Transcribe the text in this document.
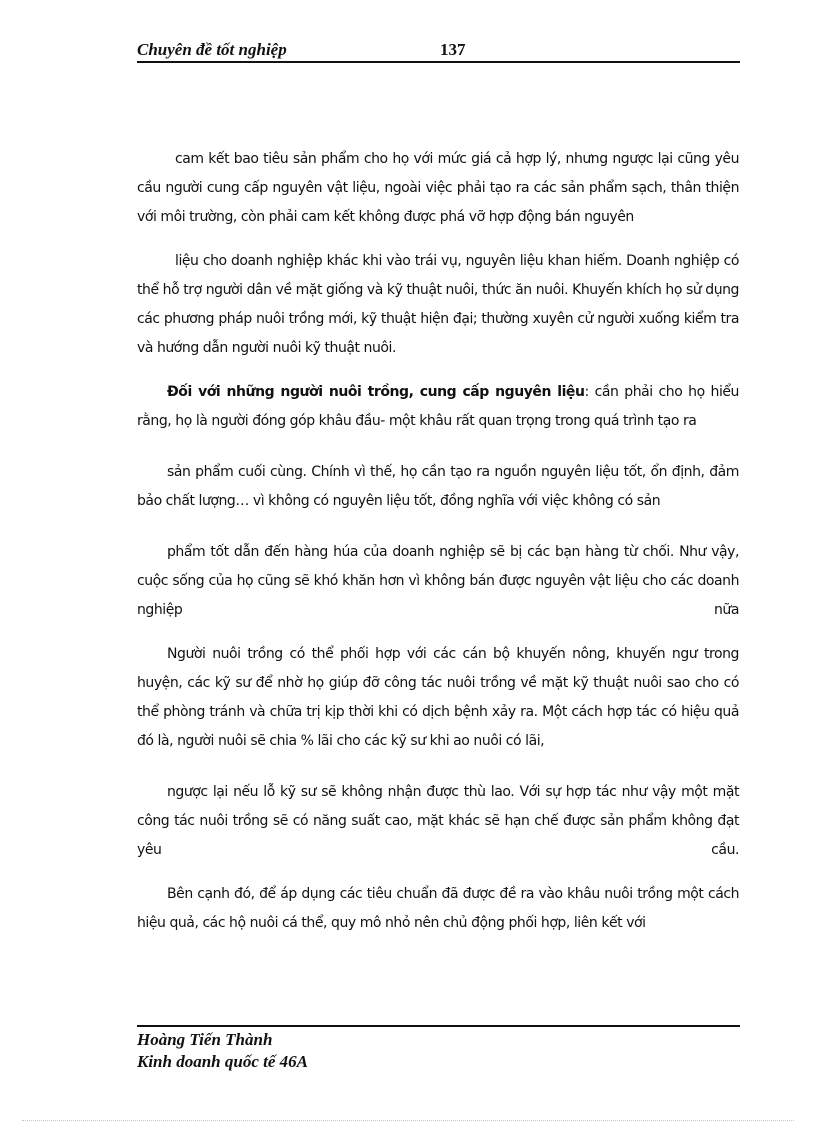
Chuyên đề tốt nghiệp	137

cam kết bao tiêu sản phẩm cho họ với mức giá cả hợp lý, nhưng ngược lại cũng yêu cầu người cung cấp nguyên vật liệu, ngoài việc phải tạo ra các sản phẩm sạch, thân thiện với môi trường, còn phải cam kết không được phá vỡ hợp động bán nguyên

liệu cho doanh nghiệp khác khi vào trái vụ, nguyên liệu khan hiếm. Doanh nghiệp có thể hỗ trợ người dân về mặt giống và kỹ thuật nuôi, thức ăn nuôi. Khuyến khích họ sử dụng các phương pháp nuôi trồng mới, kỹ thuật hiện đại; thường xuyên cử người xuống kiểm tra và hướng dẫn người nuôi kỹ thuật nuôi.

Đối với những người nuôi trồng, cung cấp nguyên liệu: cần phải cho họ hiểu rằng, họ là người đóng góp khâu đầu- một khâu rất quan trọng trong quá trình tạo ra

sản phẩm cuối cùng. Chính vì thế, họ cần tạo ra nguồn nguyên liệu tốt, ổn định, đảm bảo chất lượng… vì không có nguyên liệu tốt, đồng nghĩa với việc không có sản

phẩm tốt dẫn đến hàng húa của doanh nghiệp sẽ bị các bạn hàng từ chối. Như vậy, cuộc sống của họ cũng sẽ khó khăn hơn vì không bán được nguyên vật liệu cho các doanh nghiệp nữa

Người nuôi trồng có thể phối hợp với các cán bộ khuyến nông, khuyến ngư trong huyện, các kỹ sư để nhờ họ giúp đỡ công tác nuôi trồng về mặt kỹ thuật nuôi sao cho có thể phòng tránh và chữa trị kịp thời khi có dịch bệnh xảy ra. Một cách hợp tác có hiệu quả đó là, người nuôi sẽ chia % lãi cho các kỹ sư khi ao nuôi có lãi,

ngược lại nếu lỗ kỹ sư sẽ không nhận được thù lao. Với sự hợp tác như vậy một mặt công tác nuôi trồng sẽ có năng suất cao, mặt khác sẽ hạn chế được sản phẩm không đạt yêu cầu.

Bên cạnh đó, để áp dụng các tiêu chuẩn đã được đề ra vào khâu nuôi trồng một cách hiệu quả, các hộ nuôi cá thể, quy mô nhỏ nên chủ động phối hợp, liên kết với

Hoàng Tiến Thành
Kinh doanh quốc tế 46A
